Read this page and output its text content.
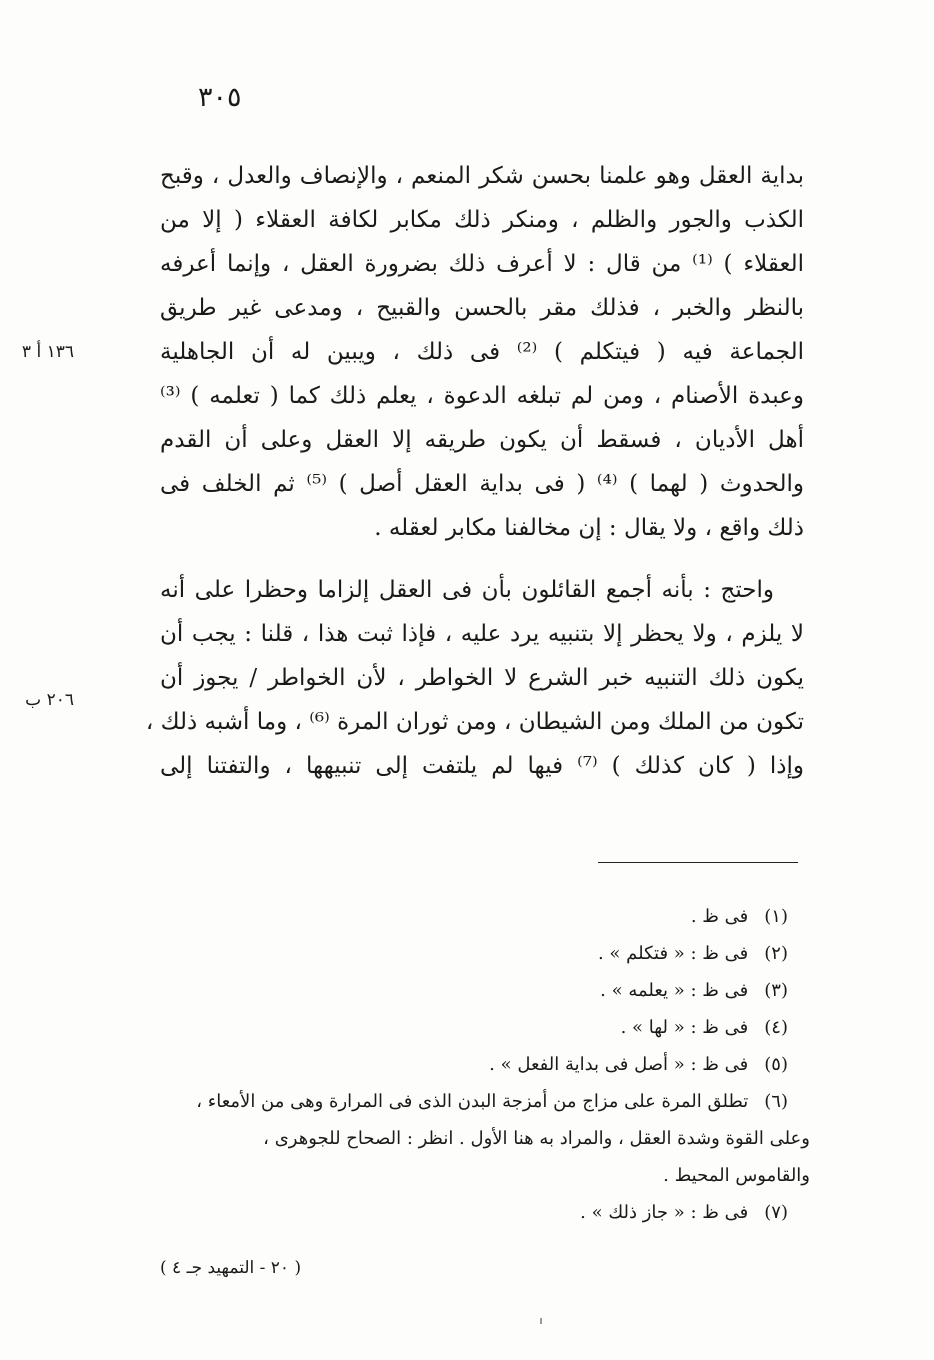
٣٠٥
١٣٦ أ ٣
٢٠٦ ب
بداية العقل وهو علمنا بحسن شكر المنعم ، والإنصاف والعدل ، وقبح
الكذب والجور والظلم ، ومنكر ذلك مكابر لكافة العقلاء ( إلا من
العقلاء ) ⁽¹⁾ من قال : لا أعرف ذلك بضرورة العقل ، وإنما أعرفه
بالنظر والخبر ، فذلك مقر بالحسن والقبيح ، ومدعى غير طريق
الجماعة فيه ( فيتكلم ) ⁽²⁾ فى ذلك ، ويبين له أن الجاهلية
وعبدة الأصنام ، ومن لم تبلغه الدعوة ، يعلم ذلك كما ( تعلمه ) ⁽³⁾
أهل الأديان ، فسقط أن يكون طريقه إلا العقل وعلى أن القدم
والحدوث ( لهما ) ⁽⁴⁾ ( فى بداية العقل أصل ) ⁽⁵⁾ ثم الخلف فى
ذلك واقع ، ولا يقال : إن مخالفنا مكابر لعقله .
واحتج : بأنه أجمع القائلون بأن فى العقل إلزاما وحظرا على أنه
لا يلزم ، ولا يحظر إلا بتنبيه يرد عليه ، فإذا ثبت هذا ، قلنا : يجب أن
يكون ذلك التنبيه خبر الشرع لا الخواطر ، لأن الخواطر / يجوز أن
تكون من الملك ومن الشيطان ، ومن ثوران المرة ⁽⁶⁾ ، وما أشبه ذلك ،
وإذا ( كان كذلك ) ⁽⁷⁾ فيها لم يلتفت إلى تنبيهها ، والتفتنا إلى
(١) فى ظ .
(٢) فى ظ : « فتكلم » .
(٣) فى ظ : « يعلمه » .
(٤) فى ظ : « لها » .
(٥) فى ظ : « أصل فى بداية الفعل » .
(٦) تطلق المرة على مزاج من أمزجة البدن الذى فى المرارة وهى من الأمعاء ،
وعلى القوة وشدة العقل ، والمراد به هنا الأول . انظر : الصحاح للجوهرى ،
والقاموس المحيط .
(٧) فى ظ : « جاز ذلك » .
( ٢٠ - التمهيد جـ ٤ )
